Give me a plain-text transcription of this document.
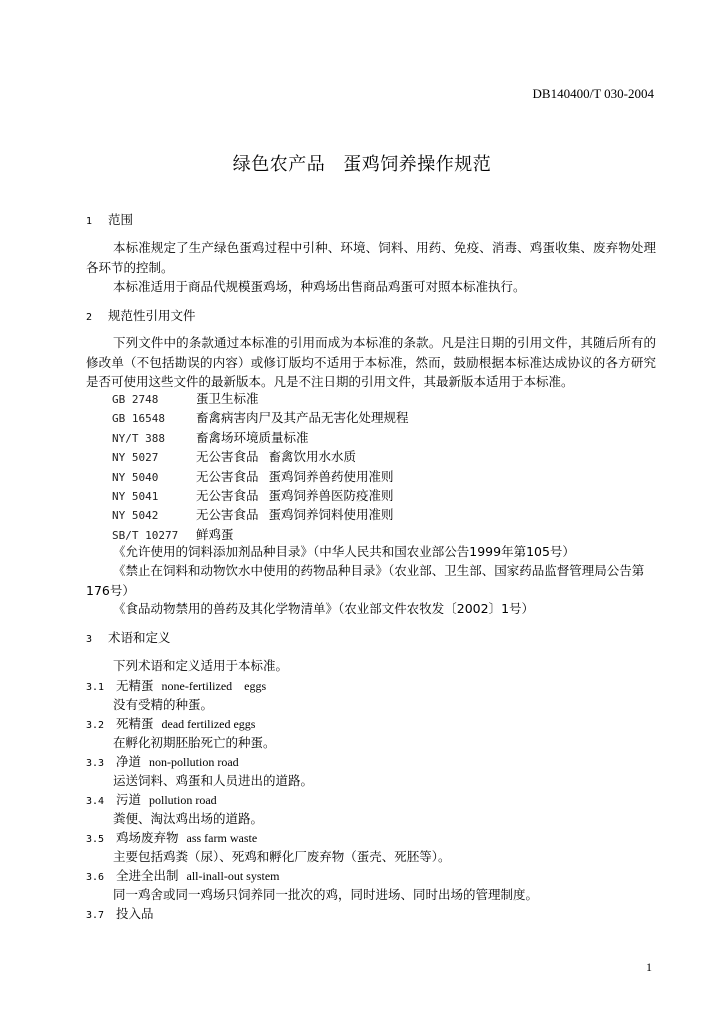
DB140400/T 030-2004
绿色农产品 蛋鸡饲养操作规范
1 范围
本标准规定了生产绿色蛋鸡过程中引种、环境、饲料、用药、免疫、消毒、鸡蛋收集、废弃物处理各环节的控制。
本标准适用于商品代规模蛋鸡场，种鸡场出售商品鸡蛋可对照本标准执行。
2 规范性引用文件
下列文件中的条款通过本标准的引用而成为本标准的条款。凡是注日期的引用文件，其随后所有的修改单（不包括勘误的内容）或修订版均不适用于本标准，然而，鼓励根据本标准达成协议的各方研究是否可使用这些文件的最新版本。凡是不注日期的引用文件，其最新版本适用于本标准。
GB 2748	蛋卫生标准
GB 16548 畜禽病害肉尸及其产品无害化处理规程
NY/T 388 畜禽场环境质量标准
NY 5027	无公害食品 畜禽饮用水水质
NY 5040	无公害食品 蛋鸡饲养兽药使用准则
NY 5041	无公害食品 蛋鸡饲养兽医防疫准则
NY 5042	无公害食品 蛋鸡饲养饲料使用准则
SB/T 10277 鲜鸡蛋
《允许使用的饲料添加剂品种目录》（中华人民共和国农业部公告1999年第105号）
《禁止在饲料和动物饮水中使用的药物品种目录》（农业部、卫生部、国家药品监督管理局公告第176号）
《食品动物禁用的兽药及其化学物清单》（农业部文件农牧发〔2002〕1号）
3 术语和定义
下列术语和定义适用于本标准。
3.1 无精蛋 none-fertilized　eggs
没有受精的种蛋。
3.2 死精蛋 dead fertilized eggs
在孵化初期胚胎死亡的种蛋。
3.3 净道 non-pollution road
运送饲料、鸡蛋和人员进出的道路。
3.4 污道 pollution road
粪便、淘汰鸡出场的道路。
3.5 鸡场废弃物 ass farm waste
主要包括鸡粪（尿）、死鸡和孵化厂废弃物（蛋壳、死胚等）。
3.6 全进全出制 all-inall-out system
同一鸡舍或同一鸡场只饲养同一批次的鸡，同时进场、同时出场的管理制度。
3.7 投入品
1
